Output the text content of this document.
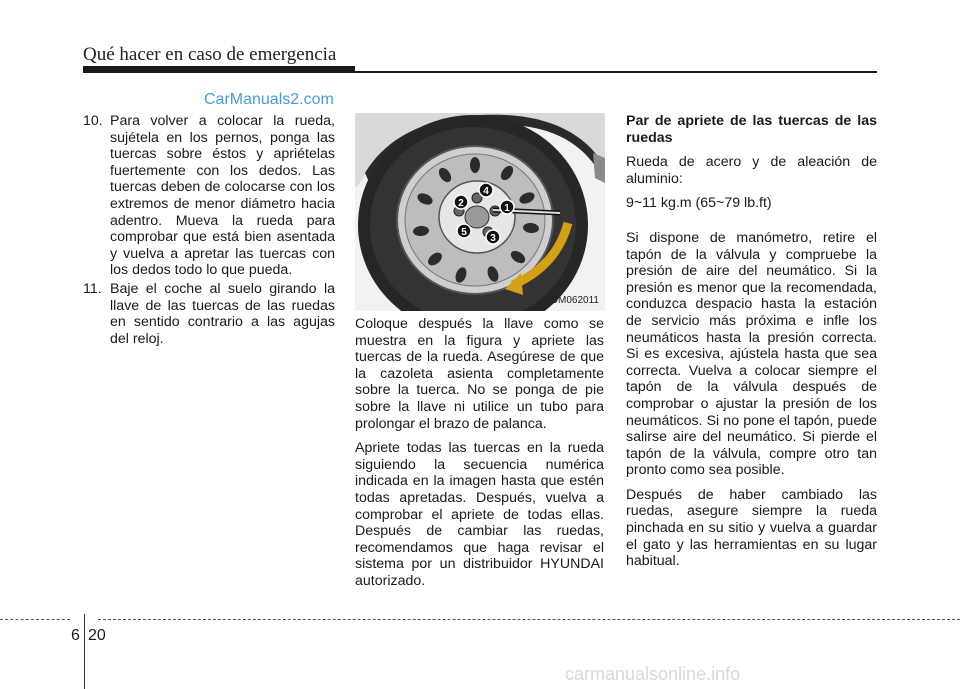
Qué hacer en caso de emergencia
CarManuals2.com
10. Para volver a colocar la rueda, sujétela en los pernos, ponga las tuercas sobre éstos y apriételas fuertemente con los dedos. Las tuercas deben de colocarse con los extremos de menor diámetro hacia adentro. Mueva la rueda para comprobar que está bien asentada y vuelva a apretar las tuercas con los dedos todo lo que pueda.
11. Baje el coche al suelo girando la llave de las tuercas de las ruedas en sentido contrario a las agujas del reloj.
1
2
3
4
5
ODM062011

Coloque después la llave como se muestra en la figura y apriete las tuercas de la rueda. Asegúrese de que la cazoleta asienta completamente sobre la tuerca. No se ponga de pie sobre la llave ni utilice un tubo para prolongar el brazo de palanca.

Apriete todas las tuercas en la rueda siguiendo la secuencia numérica indicada en la imagen hasta que estén todas apretadas. Después, vuelva a comprobar el apriete de todas ellas. Después de cambiar las ruedas, recomendamos que haga revisar el sistema por un distribuidor HYUNDAI autorizado.

Par de apriete de las tuercas de las ruedas

Rueda de acero y de aleación de aluminio:

9~11 kg.m (65~79 lb.ft)

Si dispone de manómetro, retire el tapón de la válvula y compruebe la presión de aire del neumático. Si la presión es menor que la recomendada, conduzca despacio hasta la estación de servicio más próxima e infle los neumáticos hasta la presión correcta. Si es excesiva, ajústela hasta que sea correcta. Vuelva a colocar siempre el tapón de la válvula después de comprobar o ajustar la presión de los neumáticos. Si no pone el tapón, puede salirse aire del neumático. Si pierde el tapón de la válvula, compre otro tan pronto como sea posible.

Después de haber cambiado las ruedas, asegure siempre la rueda pinchada en su sitio y vuelva a guardar el gato y las herramientas en su lugar habitual.

6 20
carmanualsonline.info
